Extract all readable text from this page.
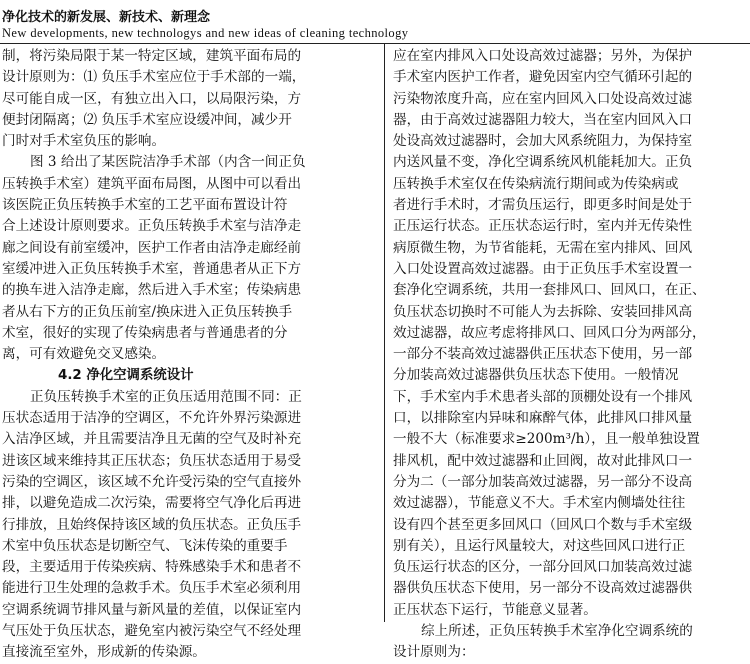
净化技术的新发展、新技术、新理念
New developments, new technologys and new ideas of cleaning technology
制，将污染局限于某一特定区域，建筑平面布局的
设计原则为：⑴ 负压手术室应位于手术部的一端，
尽可能自成一区，有独立出入口，以局限污染，方
便封闭隔离；⑵ 负压手术室应设缓冲间，减少开
门时对手术室负压的影响。
图 3 给出了某医院洁净手术部（内含一间正负
压转换手术室）建筑平面布局图，从图中可以看出
该医院正负压转换手术室的工艺平面布置设计符
合上述设计原则要求。正负压转换手术室与洁净走
廊之间设有前室缓冲，医护工作者由洁净走廊经前
室缓冲进入正负压转换手术室，普通患者从正下方
的换车进入洁净走廊，然后进入手术室；传染病患
者从右下方的正负压前室/换床进入正负压转换手
术室，很好的实现了传染病患者与普通患者的分
离，可有效避免交叉感染。
4.2 净化空调系统设计
正负压转换手术室的正负压适用范围不同：正
压状态适用于洁净的空调区，不允许外界污染源进
入洁净区域，并且需要洁净且无菌的空气及时补充
进该区域来维持其正压状态；负压状态适用于易受
污染的空调区，该区域不允许受污染的空气直接外
排，以避免造成二次污染，需要将空气净化后再进
行排放，且始终保持该区域的负压状态。正负压手
术室中负压状态是切断空气、飞沫传染的重要手
段，主要适用于传染疾病、特殊感染手术和患者不
能进行卫生处理的急救手术。负压手术室必须利用
空调系统调节排风量与新风量的差值，以保证室内
气压处于负压状态，避免室内被污染空气不经处理
直接流至室外，形成新的传染源。
应在室内排风入口处设高效过滤器；另外，为保护
手术室内医护工作者，避免因室内空气循环引起的
污染物浓度升高，应在室内回风入口处设高效过滤
器，由于高效过滤器阻力较大，当在室内回风入口
处设高效过滤器时，会加大风系统阻力，为保持室
内送风量不变，净化空调系统风机能耗加大。正负
压转换手术室仅在传染病流行期间或为传染病或
者进行手术时，才需负压运行，即更多时间是处于
正压运行状态。正压状态运行时，室内并无传染性
病原微生物，为节省能耗，无需在室内排风、回风
入口处设置高效过滤器。由于正负压手术室设置一
套净化空调系统，共用一套排风口、回风口，在正、
负压状态切换时不可能人为去拆除、安装回排风高
效过滤器，故应考虑将排风口、回风口分为两部分，
一部分不装高效过滤器供正压状态下使用，另一部
分加装高效过滤器供负压状态下使用。一般情况
下，手术室内手术患者头部的顶棚处设有一个排风
口，以排除室内异味和麻醉气体，此排风口排风量
一般不大（标准要求≥200m³/h），且一般单独设置
排风机，配中效过滤器和止回阀，故对此排风口一
分为二（一部分加装高效过滤器，另一部分不设高
效过滤器），节能意义不大。手术室内侧墙处往往
设有四个甚至更多回风口（回风口个数与手术室级
别有关），且运行风量较大，对这些回风口进行正
负压运行状态的区分，一部分回风口加装高效过滤
器供负压状态下使用，另一部分不设高效过滤器供
正压状态下运行，节能意义显著。
综上所述，正负压转换手术室净化空调系统的
设计原则为：
